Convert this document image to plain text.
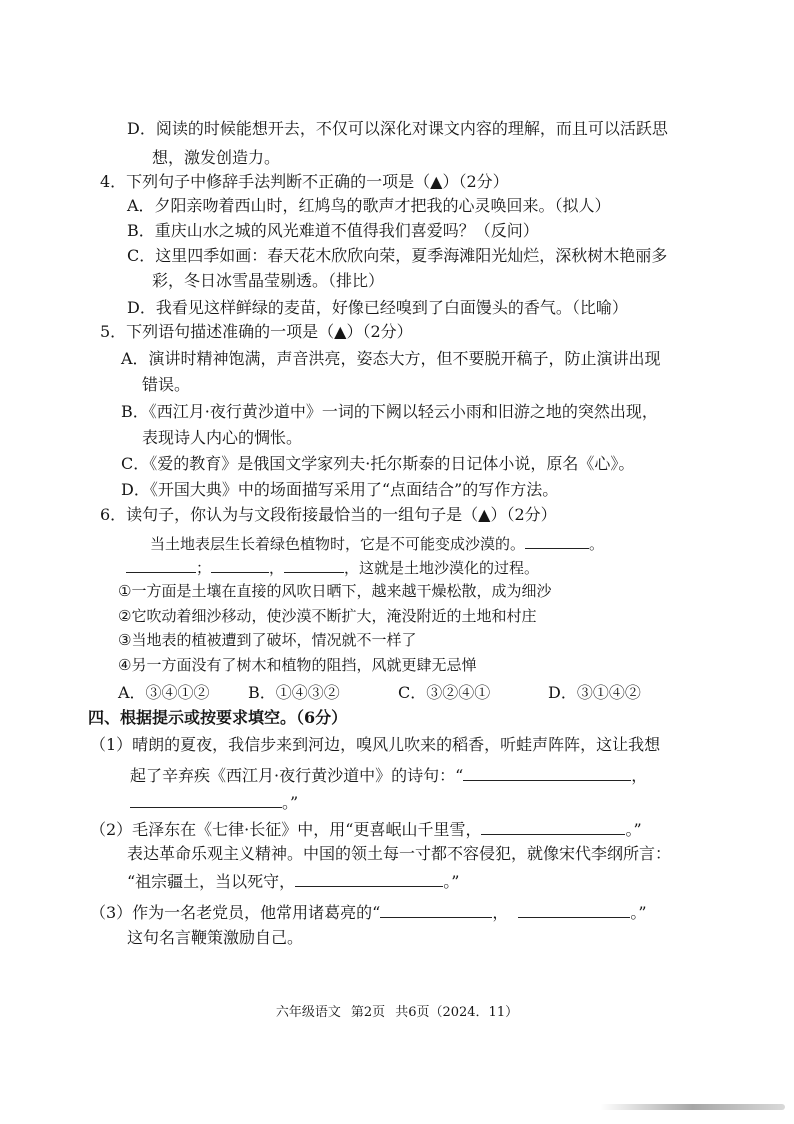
D．阅读的时候能想开去，不仅可以深化对课文内容的理解，而且可以活跃思
想，激发创造力。
4．下列句子中修辞手法判断不正确的一项是（▲）（2分）
A．夕阳亲吻着西山时，红鸠鸟的歌声才把我的心灵唤回来。（拟人）
B．重庆山水之城的风光难道不值得我们喜爱吗？（反问）
C．这里四季如画：春天花木欣欣向荣，夏季海滩阳光灿烂，深秋树木艳丽多
彩，冬日冰雪晶莹剔透。（排比）
D．我看见这样鲜绿的麦苗，好像已经嗅到了白面馒头的香气。（比喻）
5．下列语句描述准确的一项是（▲）（2分）
A．演讲时精神饱满，声音洪亮，姿态大方，但不要脱开稿子，防止演讲出现
错误。
B．《西江月·夜行黄沙道中》一词的下阙以轻云小雨和旧游之地的突然出现，
表现诗人内心的惆怅。
C．《爱的教育》是俄国文学家列夫·托尔斯泰的日记体小说，原名《心》。
D．《开国大典》中的场面描写采用了“点面结合”的写作方法。
6．读句子，你认为与文段衔接最恰当的一组句子是（▲）（2分）
当土地表层生长着绿色植物时，它是不可能变成沙漠的。	。
；	，	，这就是土地沙漠化的过程。
①一方面是土壤在直接的风吹日晒下，越来越干燥松散，成为细沙
②它吹动着细沙移动，使沙漠不断扩大，淹没附近的土地和村庄
③当地表的植被遭到了破坏，情况就不一样了
④另一方面没有了树木和植物的阻挡，风就更肆无忌惮
A．③④①② B．①④③②	C．③②④①	D．③①④②
四、根据提示或按要求填空。（6分）
（1）晴朗的夏夜，我信步来到河边，嗅风儿吹来的稻香，听蛙声阵阵，这让我想
起了辛弃疾《西江月·夜行黄沙道中》的诗句：“	，
。”
（2）毛泽东在《七律·长征》中，用“更喜岷山千里雪，	。”
表达革命乐观主义精神。中国的领土每一寸都不容侵犯，就像宋代李纲所言：
“祖宗疆土，当以死守，	。”
（3）作为一名老党员，他常用诸葛亮的“	，	。”
这句名言鞭策激励自己。
六年级语文 第2页 共6页（2024．11）
